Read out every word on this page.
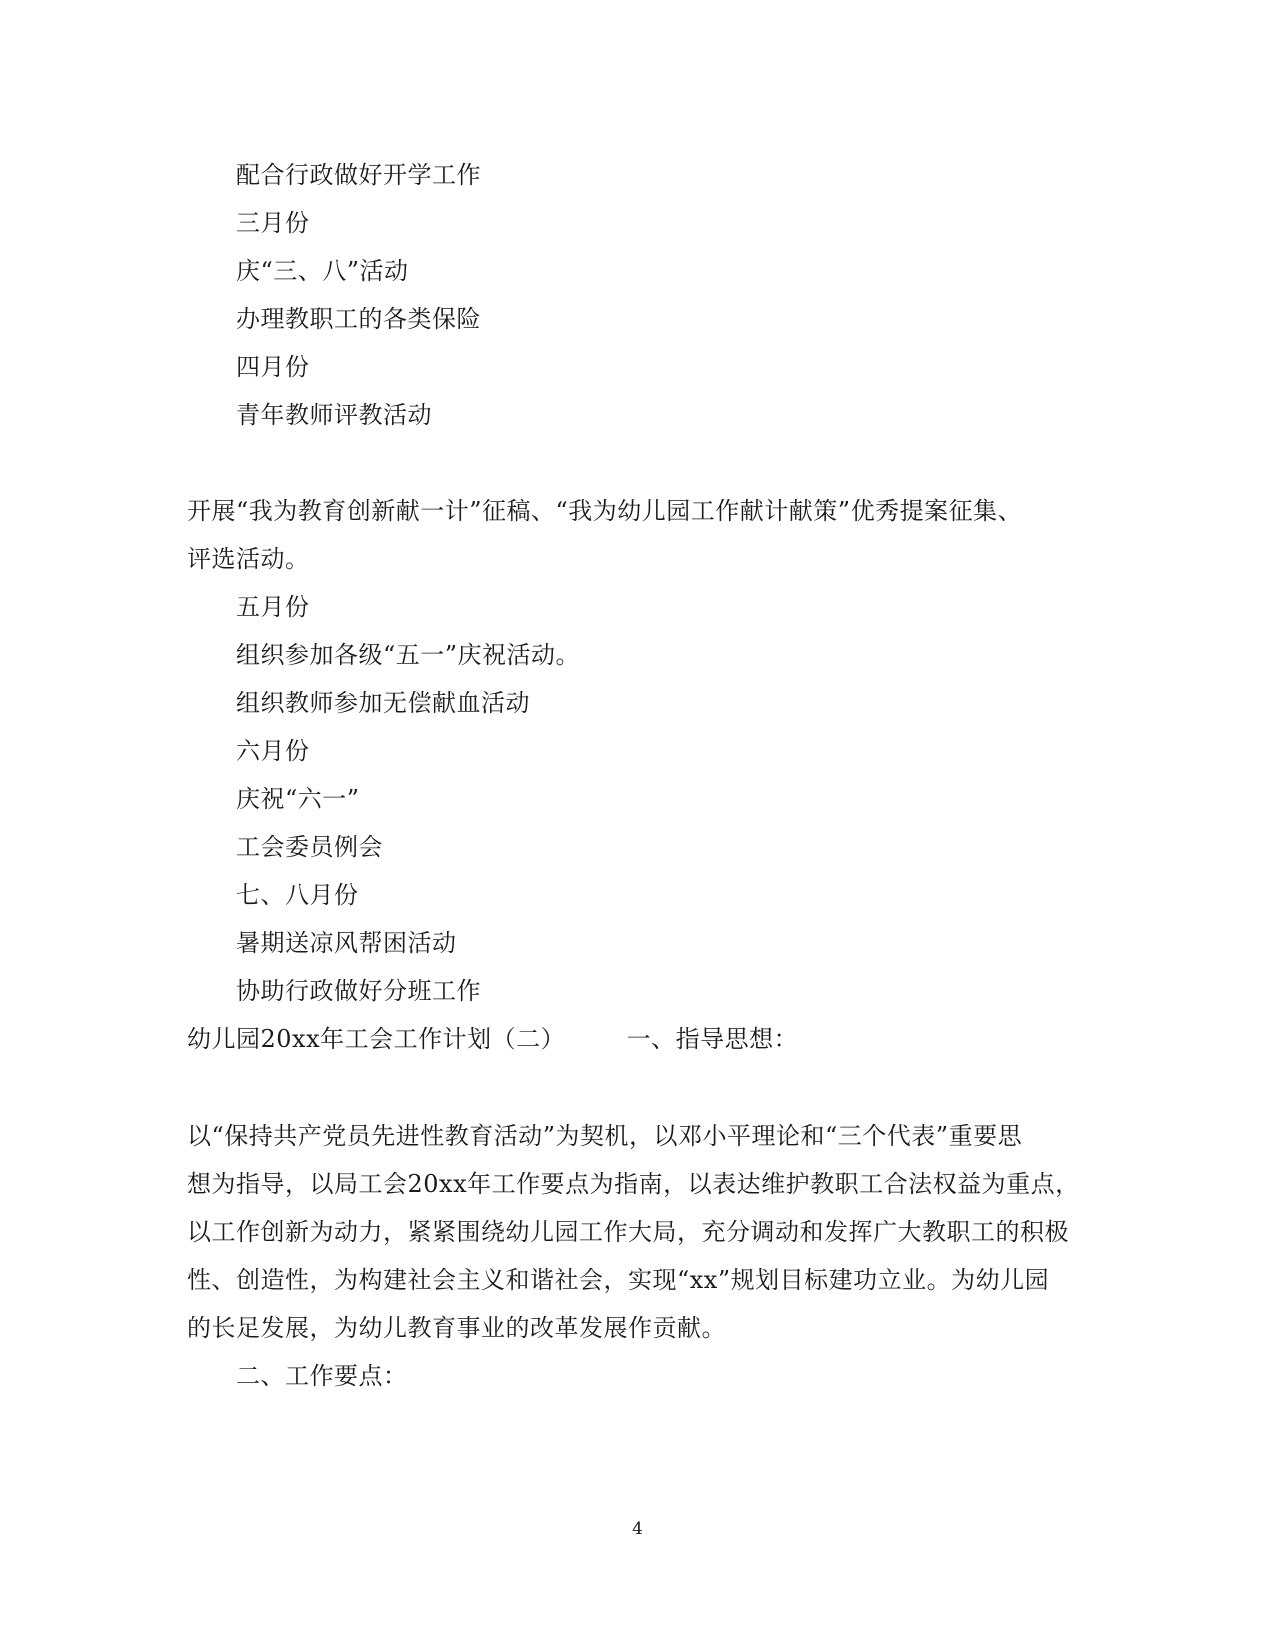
配合行政做好开学工作
三月份
庆“三、八”活动
办理教职工的各类保险
四月份
青年教师评教活动
开展“我为教育创新献一计”征稿、“我为幼儿园工作献计献策”优秀提案征集、
评选活动。
五月份
组织参加各级“五一”庆祝活动。
组织教师参加无偿献血活动
六月份
庆祝“六一”
工会委员例会
七、八月份
暑期送凉风帮困活动
协助行政做好分班工作
幼儿园20xx年工会工作计划（二）　　　一、指导思想：
以“保持共产党员先进性教育活动”为契机，以邓小平理论和“三个代表”重要思
想为指导，以局工会20xx年工作要点为指南，以表达维护教职工合法权益为重点，
以工作创新为动力，紧紧围绕幼儿园工作大局，充分调动和发挥广大教职工的积极
性、创造性，为构建社会主义和谐社会，实现“xx”规划目标建功立业。为幼儿园
的长足发展，为幼儿教育事业的改革发展作贡献。
二、工作要点：
4
